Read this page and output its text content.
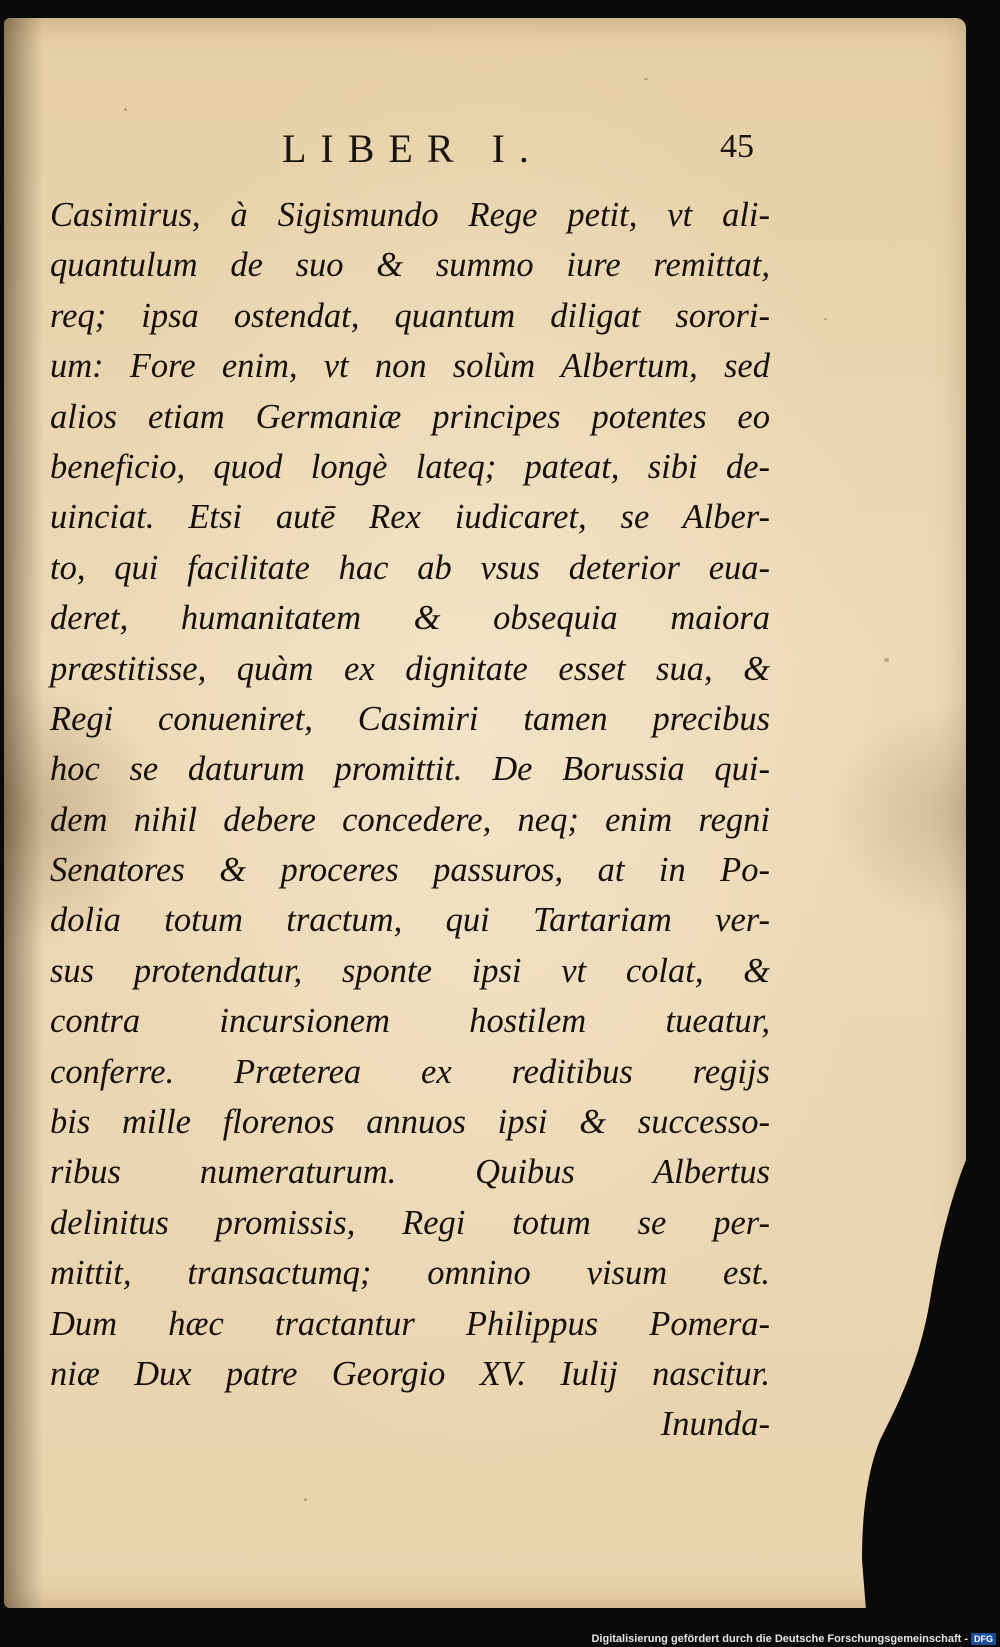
LIBER I.	45
Casimirus, à Sigismundo Rege petit, vt ali-
quantulum de suo & summo iure remittat,
req; ipsa ostendat, quantum diligat sorori-
um: Fore enim, vt non solùm Albertum, sed
alios etiam Germaniæ principes potentes eo
beneficio, quod longè lateq; pateat, sibi de-
uinciat. Etsi autē Rex iudicaret, se Alber-
to, qui facilitate hac ab vsus deterior eua-
deret, humanitatem & obsequia maiora
præstitisse, quàm ex dignitate esset sua, &
Regi conueniret, Casimiri tamen precibus
hoc se daturum promittit. De Borussia qui-
dem nihil debere concedere, neq; enim regni
Senatores & proceres passuros, at in Po-
dolia totum tractum, qui Tartariam ver-
sus protendatur, sponte ipsi vt colat, &
contra incursionem hostilem tueatur,
conferre. Præterea ex reditibus regijs
bis mille florenos annuos ipsi & successo-
ribus numeraturum. Quibus Albertus
delinitus promissis, Regi totum se per-
mittit, transactumq; omnino visum est.
Dum hæc tractantur Philippus Pomera-
niæ Dux patre Georgio XV. Iulij nascitur.
Inunda-
Digitalisierung gefördert durch die Deutsche Forschungsgemeinschaft - DFG
